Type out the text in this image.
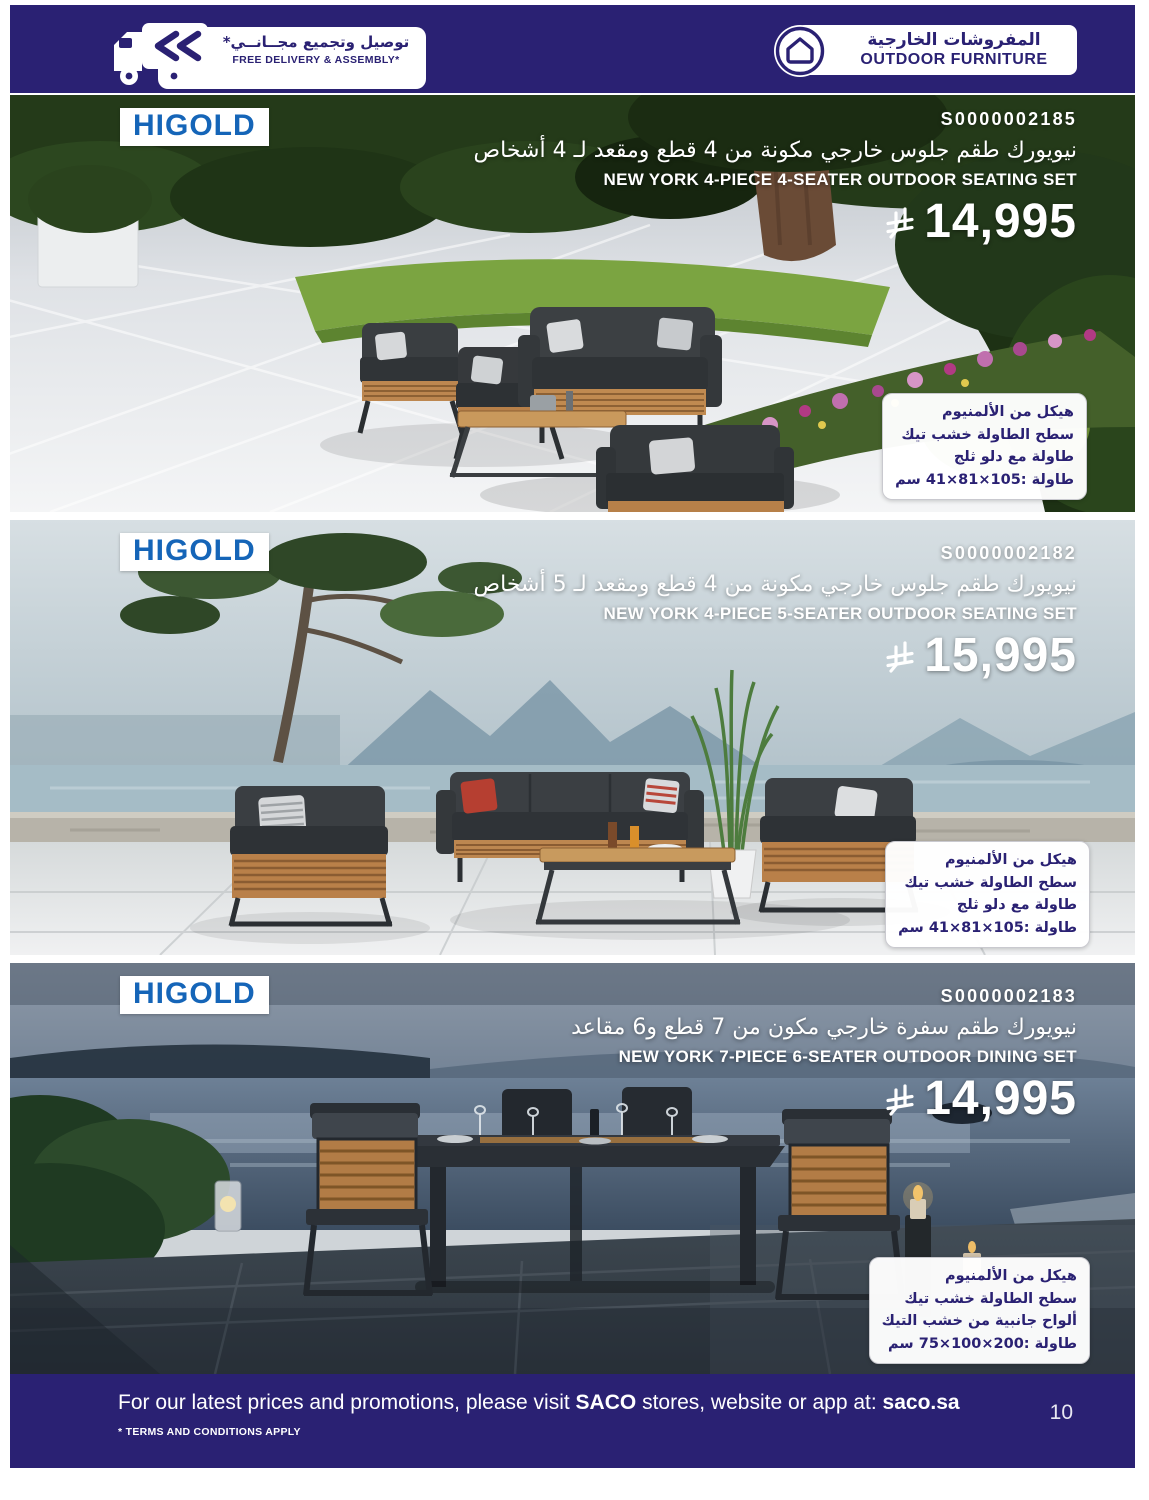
توصيل وتجميع مجــانــي*
FREE DELIVERY & ASSEMBLY*
المفروشات الخارجية
OUTDOOR FURNITURE
HIGOLD	S0000002185
نيويورك طقم جلوس خارجي مكونة من 4 قطع ومقعد لـ 4 أشخاص
NEW YORK 4-PIECE 4-SEATER OUTDOOR SEATING SET
14,995
هيكل من الألمنيوم
سطح الطاولة خشب تيك
طاولة مع دلو ثلج
طاولة :105×81×41 سم
HIGOLD	S0000002182
نيويورك طقم جلوس خارجي مكونة من 4 قطع ومقعد لـ 5 أشخاص
NEW YORK 4-PIECE 5-SEATER OUTDOOR SEATING SET
15,995
هيكل من الألمنيوم
سطح الطاولة خشب تيك
طاولة مع دلو ثلج
طاولة :105×81×41 سم
HIGOLD	S0000002183
نيويورك طقم سفرة خارجي مكون من 7 قطع و6 مقاعد
NEW YORK 7-PIECE 6-SEATER OUTDOOR DINING SET
14,995
هيكل من الألمنيوم
سطح الطاولة خشب تيك
ألواح جانبية من خشب التيك
طاولة :200×100×75 سم
For our latest prices and promotions, please visit SACO stores, website or app at: saco.sa
* TERMS AND CONDITIONS APPLY
10
